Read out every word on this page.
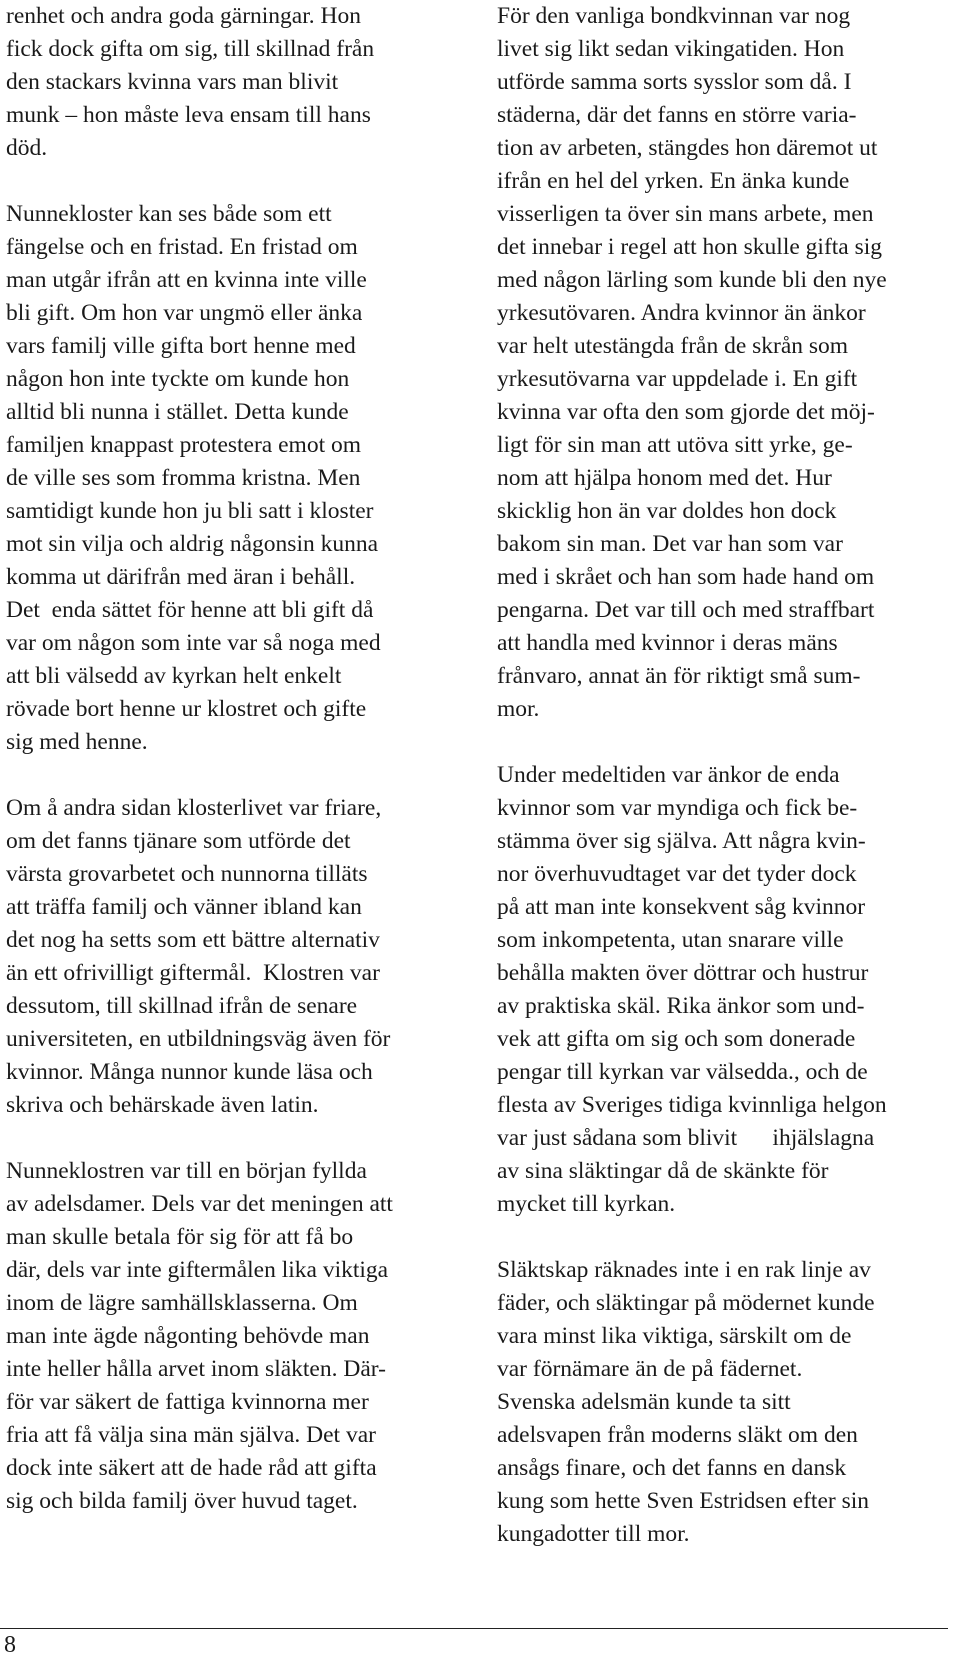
renhet och andra goda gärningar. Hon
fick dock gifta om sig, till skillnad från
den stackars kvinna vars man blivit
munk – hon måste leva ensam till hans
död.
Nunnekloster kan ses både som ett
fängelse och en fristad. En fristad om
man utgår ifrån att en kvinna inte ville
bli gift. Om hon var ungmö eller änka
vars familj ville gifta bort henne med
någon hon inte tyckte om kunde hon
alltid bli nunna i stället. Detta kunde
familjen knappast protestera emot om
de ville ses som fromma kristna. Men
samtidigt kunde hon ju bli satt i kloster
mot sin vilja och aldrig någonsin kunna
komma ut därifrån med äran i behåll.
Det  enda sättet för henne att bli gift då
var om någon som inte var så noga med
att bli välsedd av kyrkan helt enkelt
rövade bort henne ur klostret och gifte
sig med henne.
Om å andra sidan klosterlivet var friare,
om det fanns tjänare som utförde det
värsta grovarbetet och nunnorna tilläts
att träffa familj och vänner ibland kan
det nog ha setts som ett bättre alternativ
än ett ofrivilligt giftermål.  Klostren var
dessutom, till skillnad ifrån de senare
universiteten, en utbildningsväg även för
kvinnor. Många nunnor kunde läsa och
skriva och behärskade även latin.
Nunneklostren var till en början fyllda
av adelsdamer. Dels var det meningen att
man skulle betala för sig för att få bo
där, dels var inte giftermålen lika viktiga
inom de lägre samhällsklasserna. Om
man inte ägde någonting behövde man
inte heller hålla arvet inom släkten. Där-
för var säkert de fattiga kvinnorna mer
fria att få välja sina män själva. Det var
dock inte säkert att de hade råd att gifta
sig och bilda familj över huvud taget.
För den vanliga bondkvinnan var nog
livet sig likt sedan vikingatiden. Hon
utförde samma sorts sysslor som då. I
städerna, där det fanns en större varia-
tion av arbeten, stängdes hon däremot ut
ifrån en hel del yrken. En änka kunde
visserligen ta över sin mans arbete, men
det innebar i regel att hon skulle gifta sig
med någon lärling som kunde bli den nye
yrkesutövaren. Andra kvinnor än änkor
var helt utestängda från de skrån som
yrkesutövarna var uppdelade i. En gift
kvinna var ofta den som gjorde det möj-
ligt för sin man att utöva sitt yrke, ge-
nom att hjälpa honom med det. Hur
skicklig hon än var doldes hon dock
bakom sin man. Det var han som var
med i skrået och han som hade hand om
pengarna. Det var till och med straffbart
att handla med kvinnor i deras mäns
frånvaro, annat än för riktigt små sum-
mor.
Under medeltiden var änkor de enda
kvinnor som var myndiga och fick be-
stämma över sig själva. Att några kvin-
nor överhuvudtaget var det tyder dock
på att man inte konsekvent såg kvinnor
som inkompetenta, utan snarare ville
behålla makten över döttrar och hustrur
av praktiska skäl. Rika änkor som und-
vek att gifta om sig och som donerade
pengar till kyrkan var välsedda., och de
flesta av Sveriges tidiga kvinnliga helgon
var just sådana som blivit      ihjälslagna
av sina släktingar då de skänkte för
mycket till kyrkan.
Släktskap räknades inte i en rak linje av
fäder, och släktingar på mödernet kunde
vara minst lika viktiga, särskilt om de
var förnämare än de på fädernet.
Svenska adelsmän kunde ta sitt
adelsvapen från moderns släkt om den
ansågs finare, och det fanns en dansk
kung som hette Sven Estridsen efter sin
kungadotter till mor.
8
